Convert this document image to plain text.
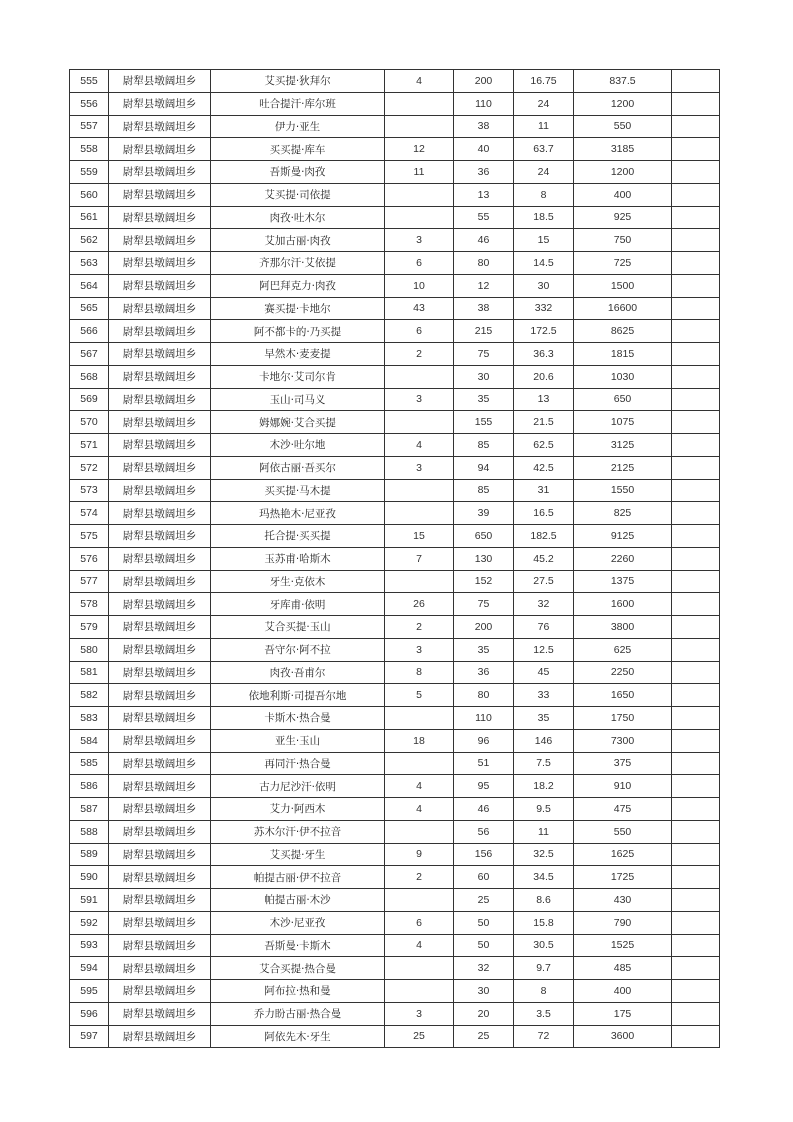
555	尉犁县墩阔坦乡	艾买提·狄拜尔	4	200	16.75	837.5	
556	尉犁县墩阔坦乡	吐合提汗·库尔班		110	24	1200	
557	尉犁县墩阔坦乡	伊力·亚生		38	11	550	
558	尉犁县墩阔坦乡	买买提·库车	12	40	63.7	3185	
559	尉犁县墩阔坦乡	吾斯曼·肉孜	11	36	24	1200	
560	尉犁县墩阔坦乡	艾买提·司依提		13	8	400	
561	尉犁县墩阔坦乡	肉孜·吐木尔		55	18.5	925	
562	尉犁县墩阔坦乡	艾加古丽·肉孜	3	46	15	750	
563	尉犁县墩阔坦乡	齐那尔汗·艾依提	6	80	14.5	725	
564	尉犁县墩阔坦乡	阿巴拜克力·肉孜	10	12	30	1500	
565	尉犁县墩阔坦乡	赛买提·卡地尔	43	38	332	16600	
566	尉犁县墩阔坦乡	阿不都卡的·乃买提	6	215	172.5	8625	
567	尉犁县墩阔坦乡	早然木·麦麦提	2	75	36.3	1815	
568	尉犁县墩阔坦乡	卡地尔·艾司尔肯		30	20.6	1030	
569	尉犁县墩阔坦乡	玉山·司马义	3	35	13	650	
570	尉犁县墩阔坦乡	姆娜婉·艾合买提		155	21.5	1075	
571	尉犁县墩阔坦乡	木沙·吐尔地	4	85	62.5	3125	
572	尉犁县墩阔坦乡	阿依古丽·吾买尔	3	94	42.5	2125	
573	尉犁县墩阔坦乡	买买提·马木提		85	31	1550	
574	尉犁县墩阔坦乡	玛热艳木·尼亚孜		39	16.5	825	
575	尉犁县墩阔坦乡	托合提·买买提	15	650	182.5	9125	
576	尉犁县墩阔坦乡	玉苏甫·哈斯木	7	130	45.2	2260	
577	尉犁县墩阔坦乡	牙生·克依木		152	27.5	1375	
578	尉犁县墩阔坦乡	牙库甫·依明	26	75	32	1600	
579	尉犁县墩阔坦乡	艾合买提·玉山	2	200	76	3800	
580	尉犁县墩阔坦乡	吾守尔·阿不拉	3	35	12.5	625	
581	尉犁县墩阔坦乡	肉孜·吾甫尔	8	36	45	2250	
582	尉犁县墩阔坦乡	依地利斯·司提吾尔地	5	80	33	1650	
583	尉犁县墩阔坦乡	卡斯木·热合曼		110	35	1750	
584	尉犁县墩阔坦乡	亚生·玉山	18	96	146	7300	
585	尉犁县墩阔坦乡	再同汗·热合曼		51	7.5	375	
586	尉犁县墩阔坦乡	古力尼沙汗·依明	4	95	18.2	910	
587	尉犁县墩阔坦乡	艾力·阿西木	4	46	9.5	475	
588	尉犁县墩阔坦乡	苏木尔汗·伊不拉音		56	11	550	
589	尉犁县墩阔坦乡	艾买提·牙生	9	156	32.5	1625	
590	尉犁县墩阔坦乡	帕提古丽·伊不拉音	2	60	34.5	1725	
591	尉犁县墩阔坦乡	帕提古丽·木沙		25	8.6	430	
592	尉犁县墩阔坦乡	木沙·尼亚孜	6	50	15.8	790	
593	尉犁县墩阔坦乡	吾斯曼·卡斯木	4	50	30.5	1525	
594	尉犁县墩阔坦乡	艾合买提·热合曼		32	9.7	485	
595	尉犁县墩阔坦乡	阿布拉·热和曼		30	8	400	
596	尉犁县墩阔坦乡	乔力盼古丽·热合曼	3	20	3.5	175	
597	尉犁县墩阔坦乡	阿依先木·牙生	25	25	72	3600	
